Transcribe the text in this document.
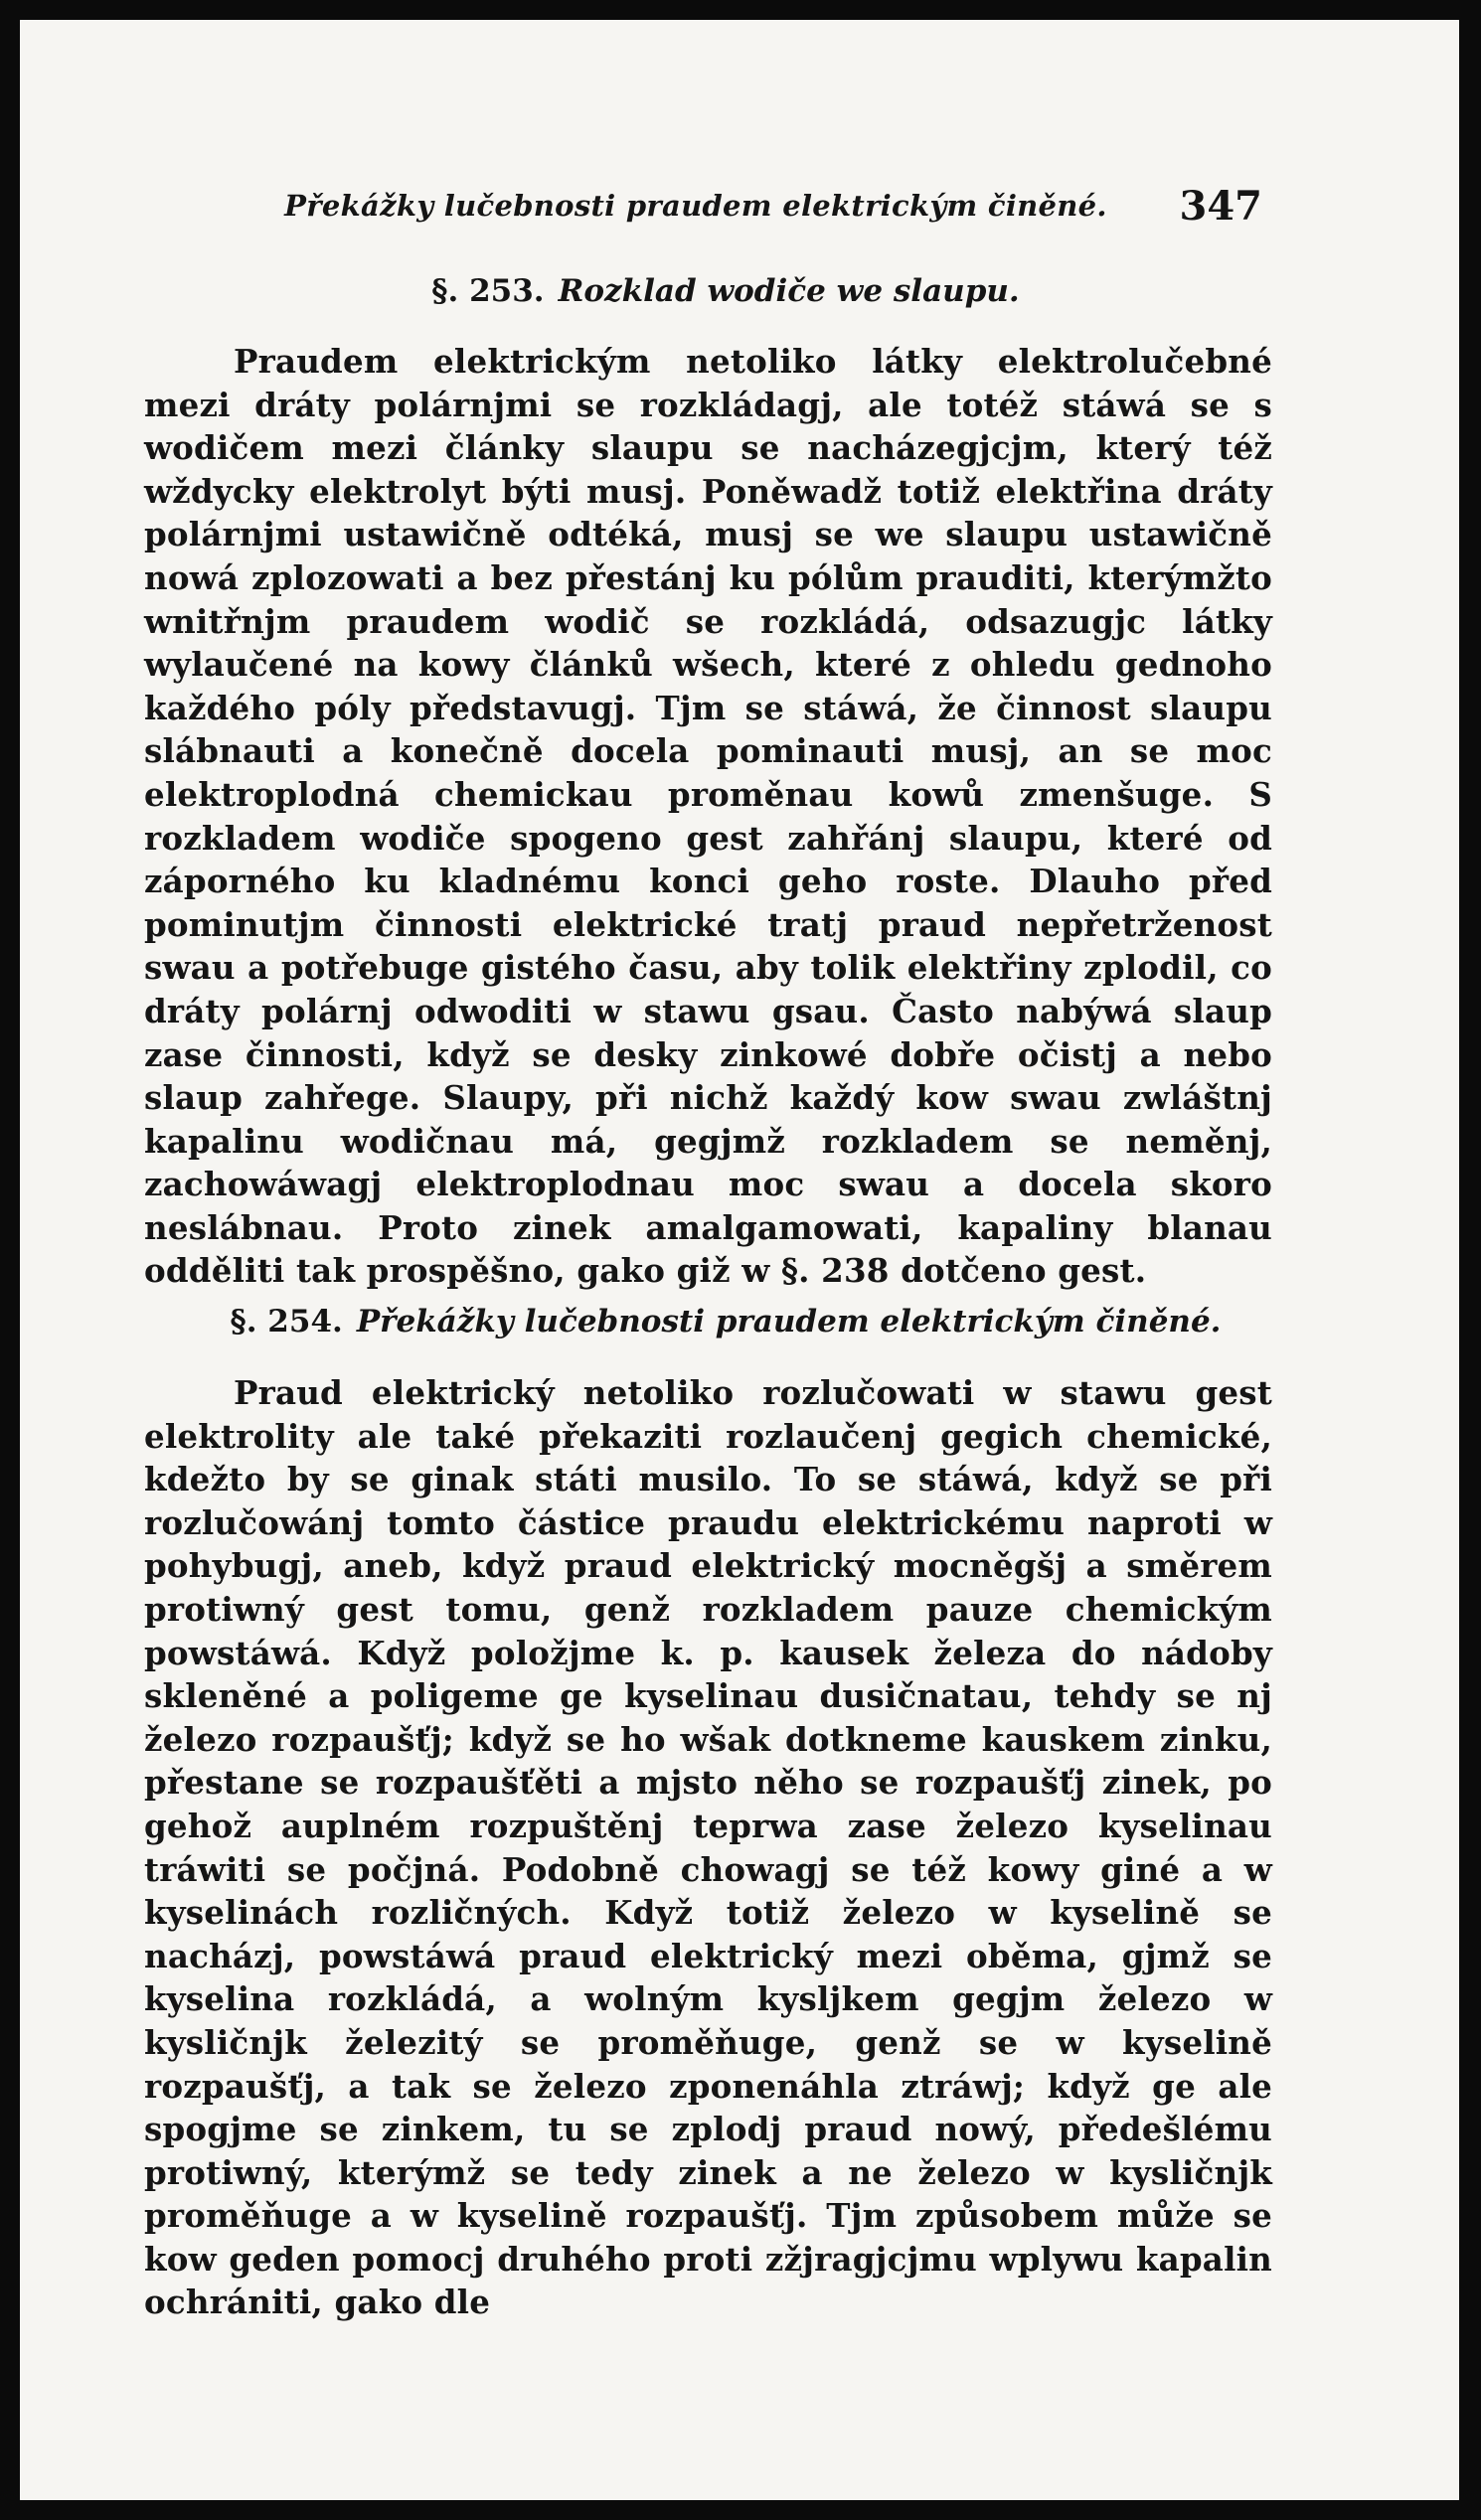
Překážky lučebnosti praudem elektrickým činěné.	347
§. 253. Rozklad wodiče we slaupu.

Praudem elektrickým netoliko látky elektrolučebné mezi dráty polárnjmi se rozkládagj, ale totéž stáwá se s wodičem mezi články slaupu se nacházegjcjm, který též wždycky elektrolyt býti musj. Poněwadž totiž elektřina dráty polárnjmi ustawičně odtéká, musj se we slaupu ustawičně nowá zplozowati a bez přestánj ku pólům prauditi, kterýmžto wnitřnjm praudem wodič se rozkládá, odsazugjc látky wylaučené na kowy článků wšech, které z ohledu gednoho každého póly představugj. Tjm se stáwá, že činnost slaupu slábnauti a konečně docela pominauti musj, an se moc elektroplodná chemickau proměnau kowů zmenšuge. S rozkladem wodiče spogeno gest zahřánj slaupu, které od záporného ku kladnému konci geho roste. Dlauho před pominutjm činnosti elektrické tratj praud nepřetrženost swau a potřebuge gistého času, aby tolik elektřiny zplodil, co dráty polárnj odwoditi w stawu gsau. Často nabýwá slaup zase činnosti, když se desky zinkowé dobře očistj a nebo slaup zahřege. Slaupy, při nichž každý kow swau zwláštnj kapalinu wodičnau má, gegjmž rozkladem se neměnj, zachowáwagj elektroplodnau moc swau a docela skoro neslábnau. Proto zinek amalgamowati, kapaliny blanau odděliti tak prospěšno, gako giž w §. 238 dotčeno gest.

§. 254. Překážky lučebnosti praudem elektrickým činěné.

Praud elektrický netoliko rozlučowati w stawu gest elektrolity ale také překaziti rozlaučenj gegich chemické, kdežto by se ginak státi musilo. To se stáwá, když se při rozlučowánj tomto částice praudu elektrickému naproti w pohybugj, aneb, když praud elektrický mocněgšj a směrem protiwný gest tomu, genž rozkladem pauze chemickým powstáwá. Když položjme k. p. kausek železa do nádoby skleněné a poligeme ge kyselinau dusičnatau, tehdy se nj železo rozpaušťj; když se ho wšak dotkneme kauskem zinku, přestane se rozpaušťěti a mjsto něho se rozpaušťj zinek, po gehož auplném rozpuštěnj teprwa zase železo kyselinau tráwiti se počjná. Podobně chowagj se též kowy giné a w kyselinách rozličných. Když totiž železo w kyselině se nacházj, powstáwá praud elektrický mezi oběma, gjmž se kyselina rozkládá, a wolným kysljkem gegjm železo w kysličnjk železitý se proměňuge, genž se w kyselině rozpaušťj, a tak se železo zponenáhla ztráwj; když ge ale spogjme se zinkem, tu se zplodj praud nowý, předešlému protiwný, kterýmž se tedy zinek a ne železo w kysličnjk proměňuge a w kyselině rozpaušťj. Tjm způsobem může se kow geden pomocj druhého proti zžjragjcjmu wplywu kapalin ochrániti, gako dle
